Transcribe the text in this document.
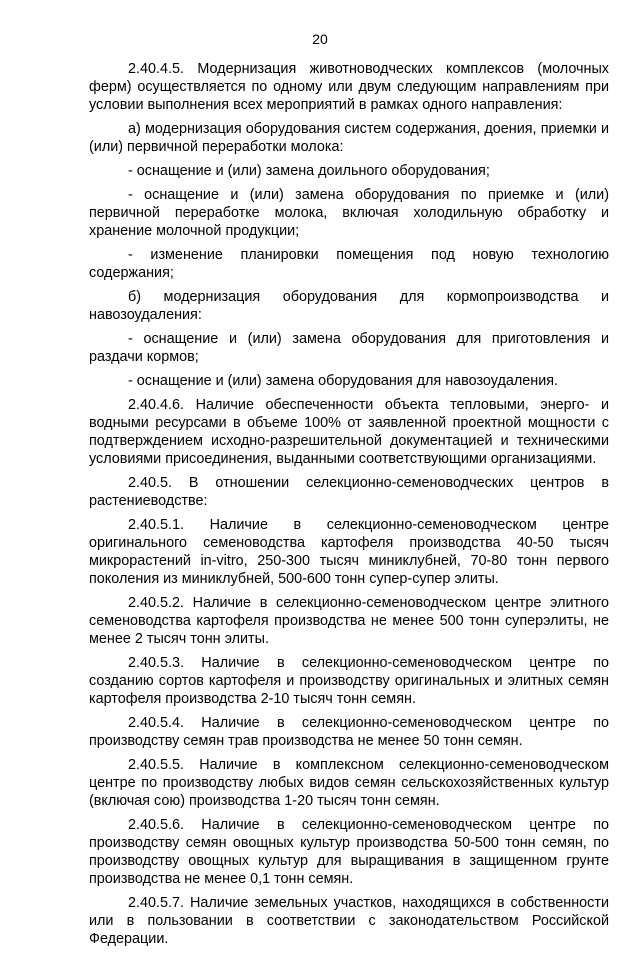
20

2.40.4.5. Модернизация животноводческих комплексов (молочных ферм) осуществляется по одному или двум следующим направлениям при условии выполнения всех мероприятий в рамках одного направления:

а) модернизация оборудования систем содержания, доения, приемки и (или) первичной переработки молока:

- оснащение и (или) замена доильного оборудования;

- оснащение и (или) замена оборудования по приемке и (или) первичной переработке молока, включая холодильную обработку и хранение молочной продукции;

- изменение планировки помещения под новую технологию содержания;

б) модернизация оборудования для кормопроизводства и навозоудаления:

- оснащение и (или) замена оборудования для приготовления и раздачи кормов;

- оснащение и (или) замена оборудования для навозоудаления.

2.40.4.6. Наличие обеспеченности объекта тепловыми, энерго- и водными ресурсами в объеме 100% от заявленной проектной мощности с подтверждением исходно-разрешительной документацией и техническими условиями присоединения, выданными соответствующими организациями.

2.40.5. В отношении селекционно-семеноводческих центров в растениеводстве:

2.40.5.1. Наличие в селекционно-семеноводческом центре оригинального семеноводства картофеля производства 40-50 тысяч микрорастений in-vitro, 250-300 тысяч миниклубней, 70-80 тонн первого поколения из миниклубней, 500-600 тонн супер-супер элиты.

2.40.5.2. Наличие в селекционно-семеноводческом центре элитного семеноводства картофеля производства не менее 500 тонн суперэлиты, не менее 2 тысяч тонн элиты.

2.40.5.3. Наличие в селекционно-семеноводческом центре по созданию сортов картофеля и производству оригинальных и элитных семян картофеля производства 2-10 тысяч тонн семян.

2.40.5.4. Наличие в селекционно-семеноводческом центре по производству семян трав производства не менее 50 тонн семян.

2.40.5.5. Наличие в комплексном селекционно-семеноводческом центре по производству любых видов семян сельскохозяйственных культур (включая сою) производства 1-20 тысяч тонн семян.

2.40.5.6. Наличие в селекционно-семеноводческом центре по производству семян овощных культур производства 50-500 тонн семян, по производству овощных культур для выращивания в защищенном грунте производства не менее 0,1 тонн семян.

2.40.5.7. Наличие земельных участков, находящихся в собственности или в пользовании в соответствии с законодательством Российской Федерации.
